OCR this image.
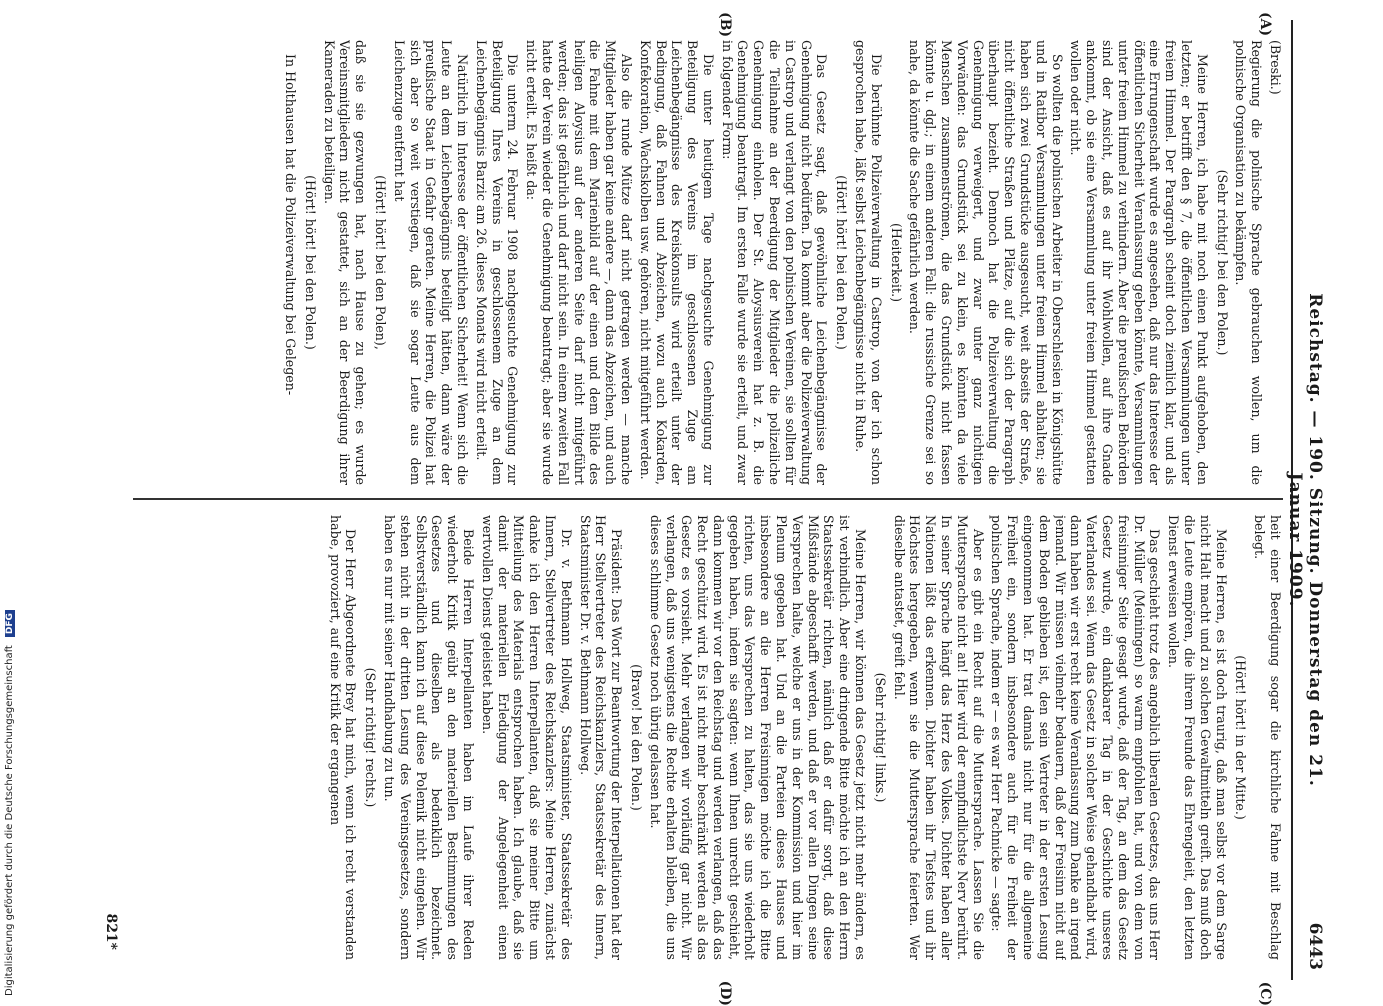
Reichstag. — 190. Sitzung. Donnerstag den 21. Januar 1909.
6443
(A)
(B)
(C)
(D)

(Breski.)

Regierung die polnische Sprache gebrauchen wollen, um die polnische Organisation zu bekämpfen.

(Sehr richtig! bei den Polen.)

Meine Herren, ich habe mit noch einen Punkt aufgehoben, den letzten; er betrifft den § 7, die öffentlichen Versammlungen unter freiem Himmel. Der Paragraph scheint doch ziemlich klar, und als eine Errungenschaft wurde es angesehen, daß nur das Interesse der öffentlichen Sicherheit Veranlassung geben könnte, Versammlungen unter freiem Himmel zu verhindern. Aber die preußischen Behörden sind der Ansicht, daß es auf ihr Wohlwollen, auf ihre Gnade ankommt, ob sie eine Versammlung unter freiem Himmel gestatten wollen oder nicht.

So wollten die polnischen Arbeiter in Oberschlesien in Königshütte und in Ratibor Versammlungen unter freiem Himmel abhalten; sie haben sich zwei Grundstücke ausgesucht, weit abseits der Straße, nicht öffentliche Straßen und Plätze, auf die sich der Paragraph überhaupt bezieht. Dennoch hat die Polizeiverwaltung die Genehmigung verweigert, und zwar unter ganz nichtigen Vorwänden: das Grundstück sei zu klein, es könnten da viele Menschen zusammenströmen, die das Grundstück nicht fassen könnte u. dgl.; in einem anderen Fall: die russische Grenze sei so nahe, da könnte die Sache gefährlich werden.

(Heiterkeit.)

Die berühmte Polizeiverwaltung in Castrop, von der ich schon gesprochen habe, läßt selbst Leichenbegängnisse nicht in Ruhe.

(Hört! hört! bei den Polen.)

Das Gesetz sagt, daß gewöhnliche Leichenbegängnisse der Genehmigung nicht bedürfen. Da kommt aber die Polizeiverwaltung in Castrop und verlangt von den polnischen Vereinen, sie sollten für die Teilnahme an der Beerdigung der Mitglieder die polizeiliche Genehmigung einholen. Der St. Aloysiusverein hat z. B. die Genehmigung beantragt. Im ersten Falle wurde sie erteilt, und zwar in folgender Form:

Die unter heutigem Tage nachgesuchte Genehmigung zur Beteiligung des Vereins im geschlossenen Zuge am Leichenbegängnisse des Kreiskonsults wird erteilt unter der Bedingung, daß Fahnen und Abzeichen, wozu auch Kokarden, Konfekoration, Wachskolben usw. gehören, nicht mitgeführt werden.

Also die runde Mütze darf nicht getragen werden — manche Mitglieder haben gar keine andere —, dann das Abzeichen, und auch die Fahne mit dem Marienbild auf der einen und dem Bilde des heiligen Aloysius auf der anderen Seite darf nicht mitgeführt werden; das ist gefährlich und darf nicht sein. In einem zweiten Fall hatte der Verein wieder die Genehmigung beantragt; aber sie wurde nicht erteilt. Es heißt da:

Die unterm 24. Februar 1908 nachgesuchte Genehmigung zur Beteiligung Ihres Vereins in geschlossenem Zuge an dem Leichenbegängnis Barzic am 26. dieses Monats wird nicht erteilt.

Natürlich im Interesse der öffentlichen Sicherheit! Wenn sich die Leute an dem Leichenbegängnis beteiligt hätten, dann wäre der preußische Staat in Gefahr geraten. Meine Herren, die Polizei hat sich aber so weit verstiegen, daß sie sogar Leute aus dem Leichenzuge entfernt hat

(Hört! hört! bei den Polen),

daß sie sie gezwungen hat, nach Hause zu gehen; es wurde Vereinsmitgliedern nicht gestattet, sich an der Beerdigung ihrer Kameraden zu beteiligen.

(Hört! hört! bei den Polen.)

In Holthausen hat die Polizeiverwaltung bei Gelegen-

heit einer Beerdigung sogar die kirchliche Fahne mit Beschlag belegt.

(Hört! hört! in der Mitte.)

Meine Herren, es ist doch traurig, daß man selbst vor dem Sarge nicht Halt macht und zu solchen Gewaltmitteln greift. Das muß doch die Leute empören, die ihrem Freunde das Ehrengeleit, den letzten Dienst erweisen wollen.

Das geschieht trotz des angeblich liberalen Gesetzes, das uns Herr Dr. Müller (Meiningen) so warm empfohlen hat, und von dem von freisinniger Seite gesagt wurde, daß der Tag, an dem das Gesetz Gesetz wurde, ein dankbarer Tag in der Geschichte unseres Vaterlandes sei. Wenn das Gesetz in solcher Weise gehandhabt wird, dann haben wir erst recht keine Veranlassung zum Danke an irgend jemand. Wir müssen vielmehr bedauern, daß der Freisinn nicht auf dem Boden geblieben ist, den sein Vertreter in der ersten Lesung eingenommen hat. Er trat damals nicht nur für die allgemeine Freiheit ein, sondern insbesondere auch für die Freiheit der polnischen Sprache, indem er — es war Herr Pachnicke — sagte:

Aber es gibt ein Recht auf die Muttersprache. Lassen Sie die Muttersprache nicht an! Hier wird der empfindlichste Nerv berührt. In seiner Sprache hängt das Herz des Volkes. Dichter haben aller Nationen läßt das erkennen. Dichter haben ihr Tiefstes und ihr Höchstes hergegeben, wenn sie die Muttersprache feierten. Wer dieselbe antastet, greift fehl.

(Sehr richtig! links.)

Meine Herren, wir können das Gesetz jetzt nicht mehr ändern, es ist verbindlich. Aber eine dringende Bitte möchte ich an den Herrn Staatssekretär richten, nämlich daß er dafür sorgt, daß diese Mißstände abgeschafft werden, und daß er vor allen Dingen seine Versprechen halte, welche er uns in der Kommission und hier im Plenum gegeben hat. Und an die Parteien dieses Hauses und insbesondere an die Herren Freisinnigen möchte ich die Bitte richten, uns das Versprechen zu halten, das sie uns wiederholt gegeben haben, indem sie sagten: wenn Ihnen unrecht geschieht, dann kommen wir vor den Reichstag und werden verlangen, daß das Recht geschützt wird. Es ist nicht mehr beschränkt werden als das Gesetz es vorsieht. Mehr verlangen wir vorläufig gar nicht. Wir verlangen, daß uns wenigstens die Rechte erhalten bleiben, die uns dieses schlimme Gesetz noch übrig gelassen hat.

(Bravo! bei den Polen.)

Präsident: Das Wort zur Beantwortung der Interpellationen hat der Herr Stellvertreter des Reichskanzlers, Staatssekretär des Innern, Staatsminister Dr. v. Bethmann Hollweg.

Dr. v. Bethmann Hollweg, Staatsminister, Staatssekretär des Innern, Stellvertreter des Reichskanzlers: Meine Herren, zunächst danke ich den Herren Interpellanten, daß sie meiner Bitte um Mitteilung des Materials entsprochen haben. Ich glaube, daß sie damit der materiellen Erledigung der Angelegenheit einen wertvollen Dienst geleistet haben.

Beide Herren Interpellanten haben im Laufe ihrer Reden wiederholt Kritik geübt an den materiellen Bestimmungen des Gesetzes und dieselben als bedenklich bezeichnet. Selbstverständlich kann ich auf diese Polemik nicht eingehen. Wir stehen nicht in der dritten Lesung des Vereinsgesetzes, sondern haben es nur mit seiner Handhabung zu tun.

(Sehr richtig! rechts.)

Der Herr Abgeordnete Brey hat mich, wenn ich recht verstanden habe, provoziert, auf eine Kritik der ergangenen

821*
Digitalisierung gefördert durch die Deutsche ForschungsgemeinschaftDFG
